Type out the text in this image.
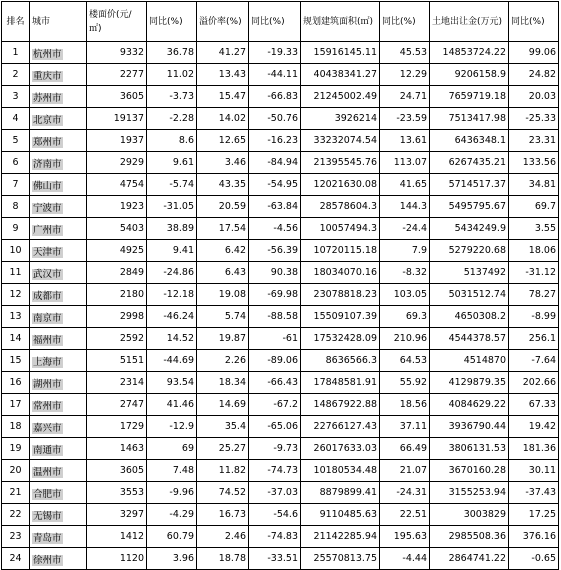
排名	城市	楼面价(元/㎡)	同比(%)	溢价率(%)	同比(%)	规划建筑面积(㎡)	同比(%)	土地出让金(万元)	同比(%)
1	杭州市	9332	36.78	41.27	-19.33	15916145.11	45.53	14853724.22	99.06
2	重庆市	2277	11.02	13.43	-44.11	40438341.27	12.29	9206158.9	24.82
3	苏州市	3605	-3.73	15.47	-66.83	21245002.49	24.71	7659719.18	20.03
4	北京市	19137	-2.28	14.02	-50.76	3926214	-23.59	7513417.98	-25.33
5	郑州市	1937	8.6	12.65	-16.23	33232074.54	13.61	6436348.1	23.31
6	济南市	2929	9.61	3.46	-84.94	21395545.76	113.07	6267435.21	133.56
7	佛山市	4754	-5.74	43.35	-54.95	12021630.08	41.65	5714517.37	34.81
8	宁波市	1923	-31.05	20.59	-63.84	28578604.3	144.3	5495795.67	69.7
9	广州市	5403	38.89	17.54	-4.56	10057494.3	-24.4	5434249.9	3.55
10	天津市	4925	9.41	6.42	-56.39	10720115.18	7.9	5279220.68	18.06
11	武汉市	2849	-24.86	6.43	90.38	18034070.16	-8.32	5137492	-31.12
12	成都市	2180	-12.18	19.08	-69.98	23078818.23	103.05	5031512.74	78.27
13	南京市	2998	-46.24	5.74	-88.58	15509107.39	69.3	4650308.2	-8.99
14	福州市	2592	14.52	19.87	-61	17532428.09	210.96	4544378.57	256.1
15	上海市	5151	-44.69	2.26	-89.06	8636566.3	64.53	4514870	-7.64
16	湖州市	2314	93.54	18.34	-66.43	17848581.91	55.92	4129879.35	202.66
17	常州市	2747	41.46	14.69	-67.2	14867922.88	18.56	4084629.22	67.33
18	嘉兴市	1729	-12.9	35.4	-65.06	22766127.43	37.11	3936790.44	19.42
19	南通市	1463	69	25.27	-9.73	26017633.03	66.49	3806131.53	181.36
20	温州市	3605	7.48	11.82	-74.73	10180534.48	21.07	3670160.28	30.11
21	合肥市	3553	-9.96	74.52	-37.03	8879899.41	-24.31	3155253.94	-37.43
22	无锡市	3297	-4.29	16.73	-54.6	9110485.63	22.51	3003829	17.25
23	青岛市	1412	60.79	2.46	-74.83	21142285.94	195.63	2985508.36	376.16
24	徐州市	1120	3.96	18.78	-33.51	25570813.75	-4.44	2864741.22	-0.65
